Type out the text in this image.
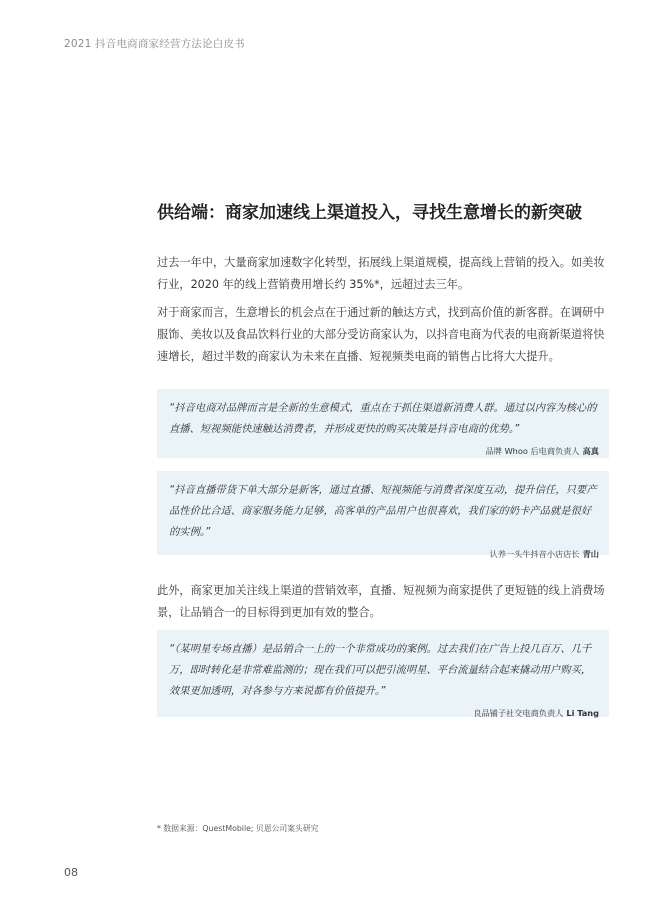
2021 抖音电商商家经营方法论白皮书
供给端：商家加速线上渠道投入，寻找生意增长的新突破

过去一年中，大量商家加速数字化转型，拓展线上渠道规模，提高线上营销的投入。如美妆行业，2020 年的线上营销费用增长约 35%*，远超过去三年。

对于商家而言，生意增长的机会点在于通过新的触达方式，找到高价值的新客群。在调研中服饰、美妆以及食品饮料行业的大部分受访商家认为，以抖音电商为代表的电商新渠道将快速增长，超过半数的商家认为未来在直播、短视频类电商的销售占比将大大提升。

“抖音电商对品牌而言是全新的生意模式，重点在于抓住渠道新消费人群。通过以内容为核心的直播、短视频能快速触达消费者，并形成更快的购买决策是抖音电商的优势。”

品牌 Whoo 后电商负责人 高真

“抖音直播带货下单大部分是新客，通过直播、短视频能与消费者深度互动，提升信任，只要产品性价比合适、商家服务能力足够，高客单的产品用户也很喜欢，我们家的奶卡产品就是很好的实例。”

认养一头牛抖音小店店长 青山

此外，商家更加关注线上渠道的营销效率，直播、短视频为商家提供了更短链的线上消费场景，让品销合一的目标得到更加有效的整合。

“（某明星专场直播）是品销合一上的一个非常成功的案例。过去我们在广告上投几百万、几千万，即时转化是非常难监测的；现在我们可以把引流明星、平台流量结合起来撬动用户购买，效果更加透明，对各参与方来说都有价值提升。”

良品铺子社交电商负责人 Li Tang
* 数据来源：QuestMobile; 贝恩公司案头研究
08
